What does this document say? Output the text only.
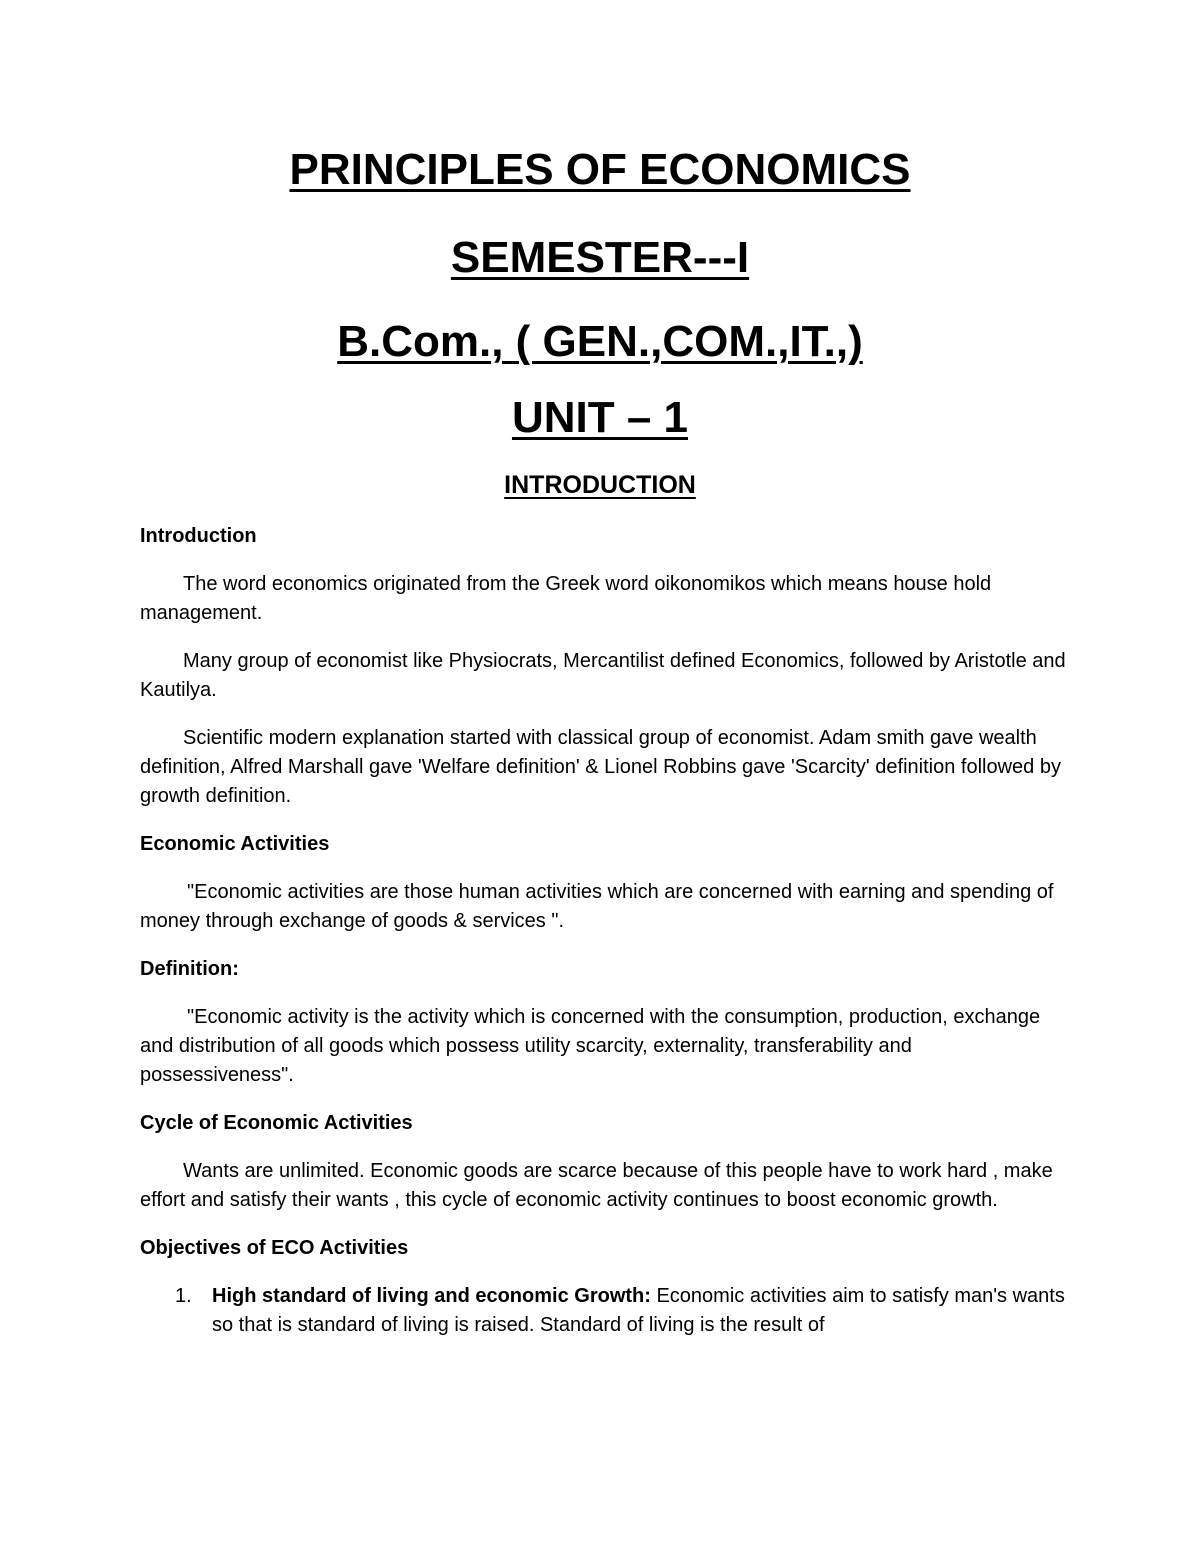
PRINCIPLES OF ECONOMICS
SEMESTER---I
B.Com., ( GEN.,COM.,IT.,)
UNIT – 1
INTRODUCTION

Introduction

The word economics originated from the Greek word oikonomikos which means house hold management.

Many group of economist like Physiocrats, Mercantilist defined Economics, followed by Aristotle and Kautilya.

Scientific modern explanation started with classical group of economist. Adam smith gave wealth definition, Alfred Marshall gave 'Welfare definition' & Lionel Robbins gave 'Scarcity' definition followed by growth definition.

Economic Activities

"Economic activities are those human activities which are concerned with earning and spending of money through exchange of goods & services ".

Definition:

"Economic activity is the activity which is concerned with the consumption, production, exchange and distribution of all goods which possess utility scarcity, externality, transferability and possessiveness".

Cycle of Economic Activities

Wants are unlimited. Economic goods are scarce because of this people have to work hard , make effort and satisfy their wants , this cycle of economic activity continues to boost economic growth.

Objectives of ECO Activities

1. High standard of living and economic Growth: Economic activities aim to satisfy man's wants so that is standard of living is raised. Standard of living is the result of
